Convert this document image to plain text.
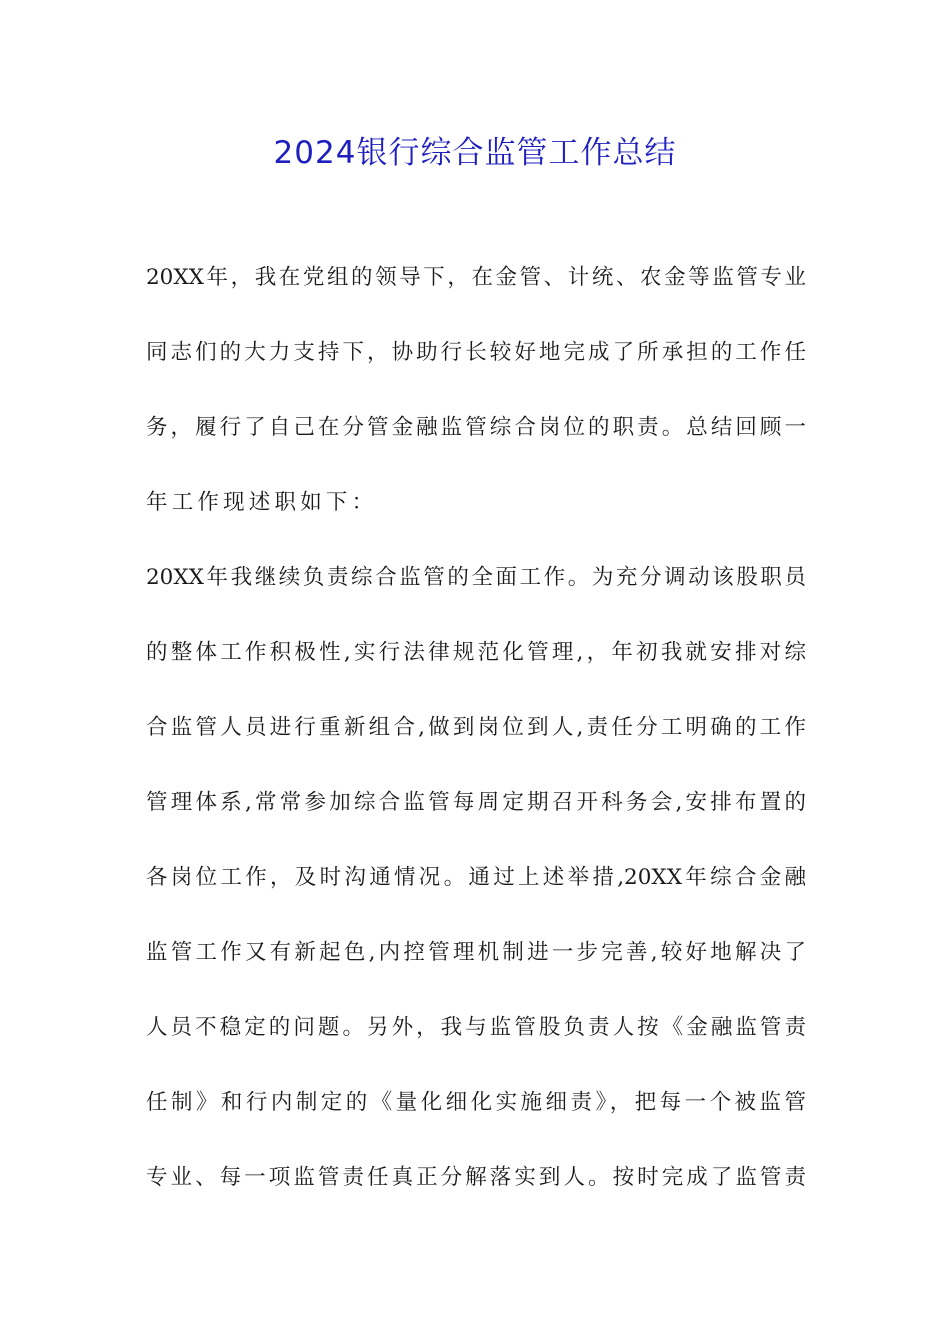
2024银行综合监管工作总结
20XX年，我在党组的领导下，在金管、计统、农金等监管专业
同志们的大力支持下，协助行长较好地完成了所承担的工作任
务，履行了自己在分管金融监管综合岗位的职责。总结回顾一
年工作现述职如下：
20XX年我继续负责综合监管的全面工作。为充分调动该股职员
的整体工作积极性,实行法律规范化管理,，年初我就安排对综
合监管人员进行重新组合,做到岗位到人,责任分工明确的工作
管理体系,常常参加综合监管每周定期召开科务会,安排布置的
各岗位工作，及时沟通情况。通过上述举措,20XX年综合金融
监管工作又有新起色,内控管理机制进一步完善,较好地解决了
人员不稳定的问题。另外，我与监管股负责人按《金融监管责
任制》和行内制定的《量化细化实施细责》，把每一个被监管
专业、每一项监管责任真正分解落实到人。按时完成了监管责
